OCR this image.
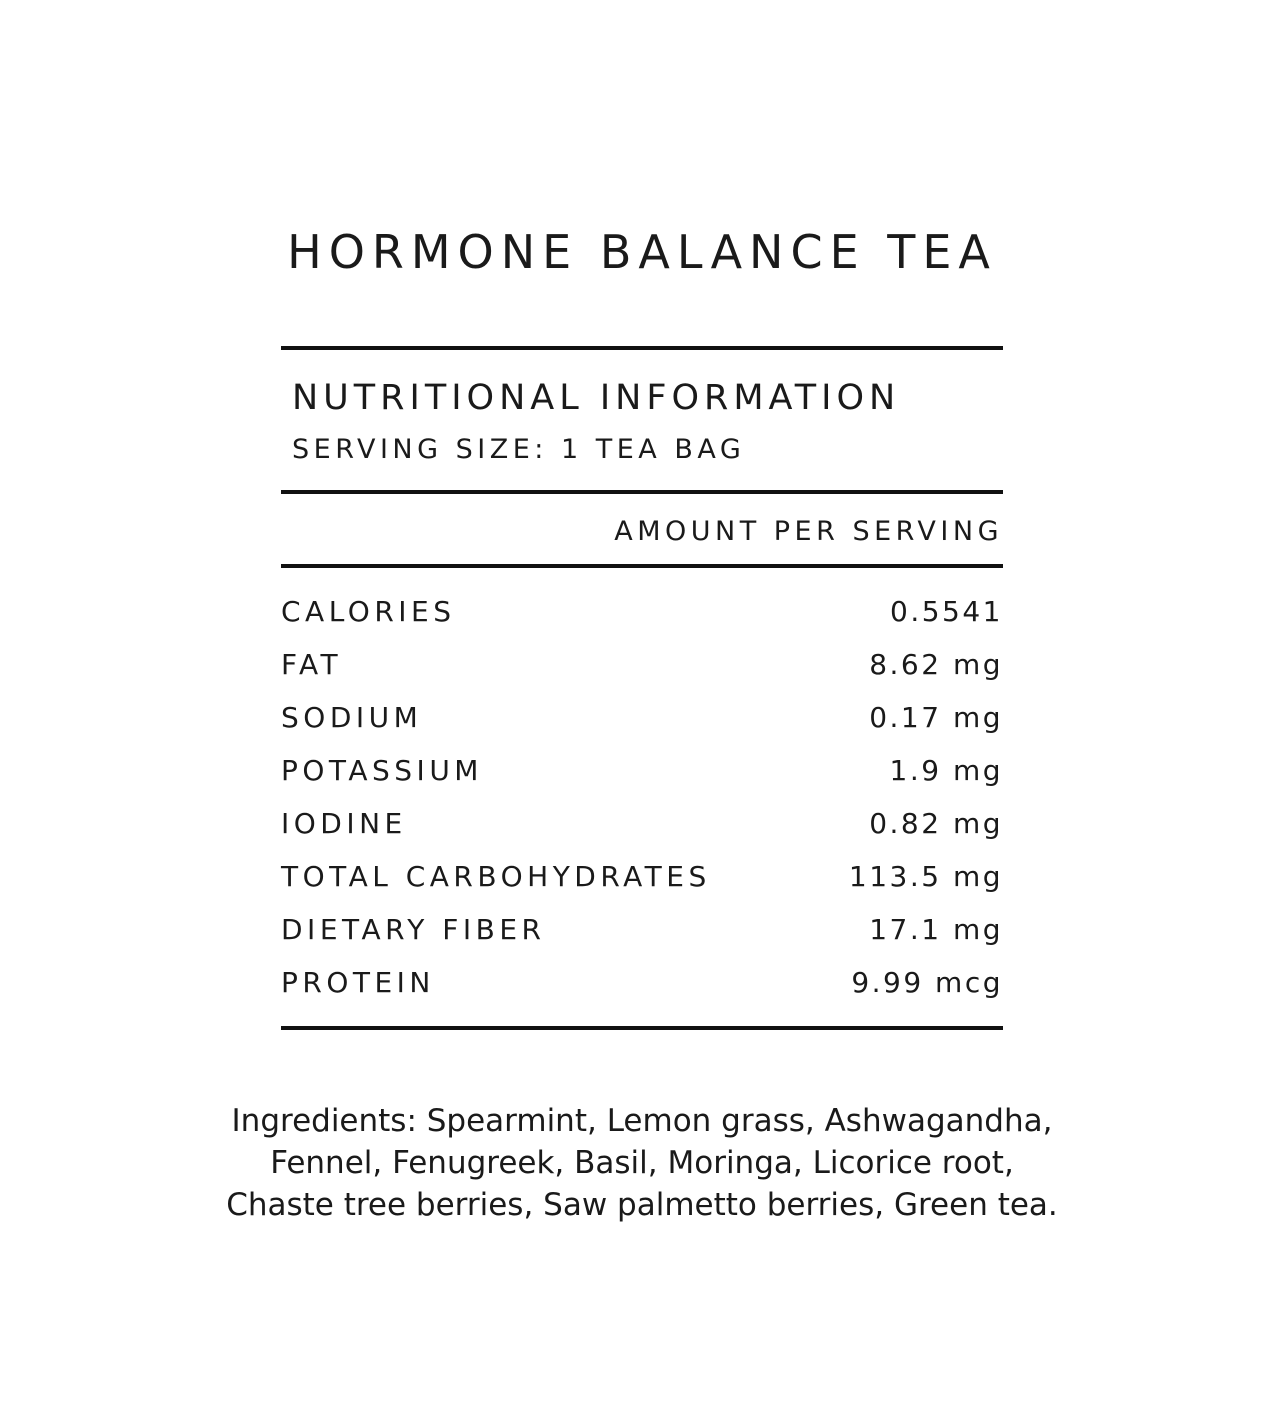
HORMONE BALANCE TEA
NUTRITIONAL INFORMATION
SERVING SIZE: 1 TEA BAG
AMOUNT PER SERVING
CALORIES	0.5541
FAT	8.62 mg
SODIUM	0.17 mg
POTASSIUM	1.9 mg
IODINE	0.82 mg
TOTAL CARBOHYDRATES	113.5 mg
DIETARY FIBER	17.1 mg
PROTEIN	9.99 mcg

Ingredients: Spearmint, Lemon grass, Ashwagandha,
Fennel, Fenugreek, Basil, Moringa, Licorice root,
Chaste tree berries, Saw palmetto berries, Green tea.
